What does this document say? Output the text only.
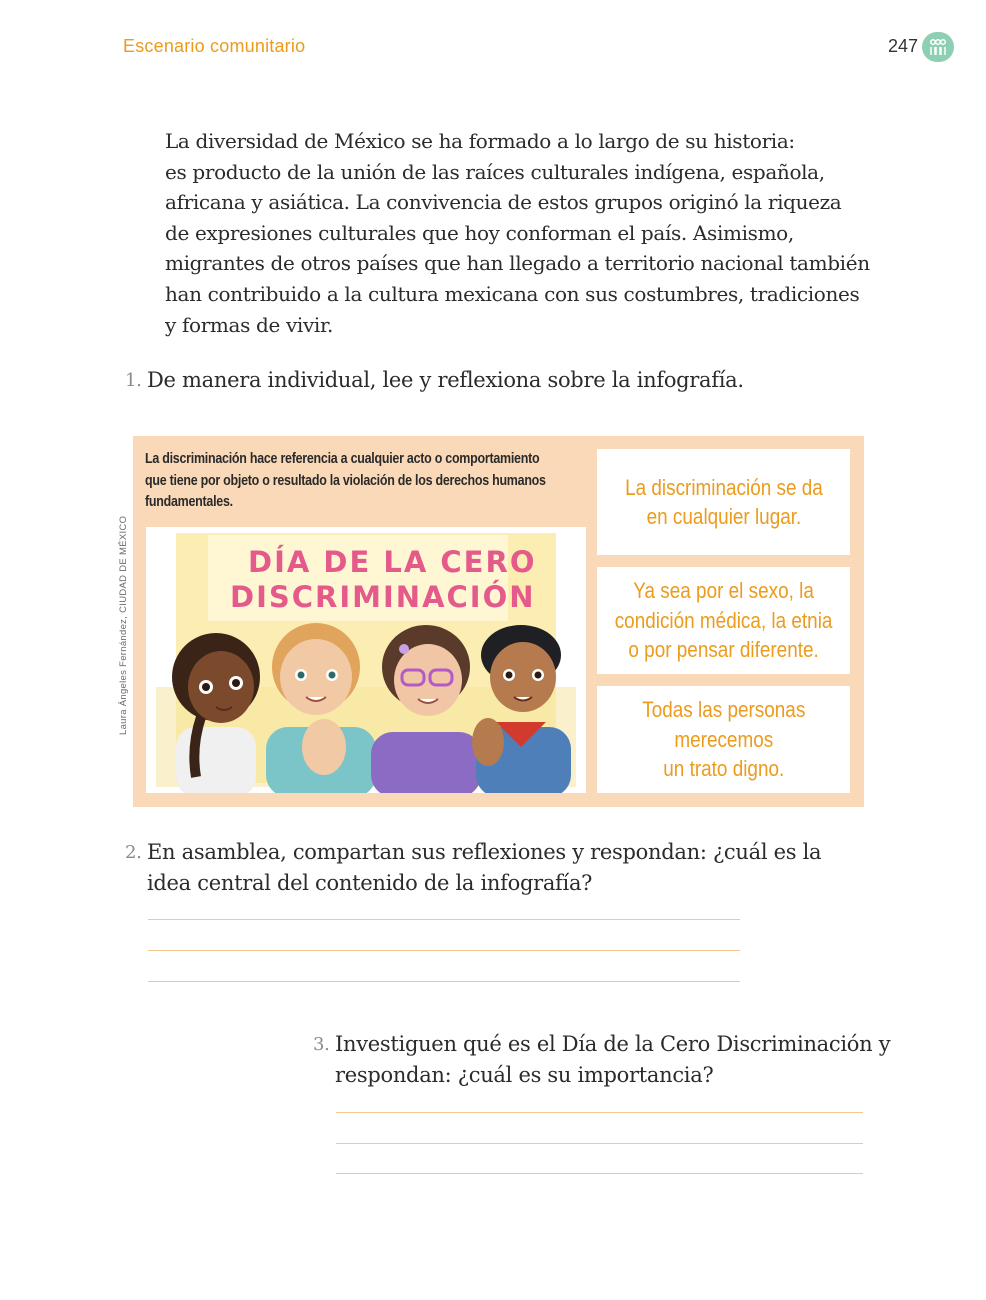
Escenario comunitario	247
La diversidad de México se ha formado a lo largo de su historia:
es producto de la unión de las raíces culturales indígena, española,
africana y asiática. La convivencia de estos grupos originó la riqueza
de expresiones culturales que hoy conforman el país. Asimismo,
migrantes de otros países que han llegado a territorio nacional también
han contribuido a la cultura mexicana con sus costumbres, tradiciones
y formas de vivir.
1. De manera individual, lee y reflexiona sobre la infografía.
Laura Ángeles Fernández, CIUDAD DE MÉXICO
La discriminación hace referencia a cualquier acto o comportamiento
que tiene por objeto o resultado la violación de los derechos humanos
fundamentales.
La discriminación se da
en cualquier lugar.
Ya sea por el sexo, la
condición médica, la etnia
o por pensar diferente.
Todas las personas
merecemos
un trato digno.
DÍA DE LA CERO
DISCRIMINACIÓN
2. En asamblea, compartan sus reflexiones y respondan: ¿cuál es la
idea central del contenido de la infografía?
3. Investiguen qué es el Día de la Cero Discriminación y
respondan: ¿cuál es su importancia?
